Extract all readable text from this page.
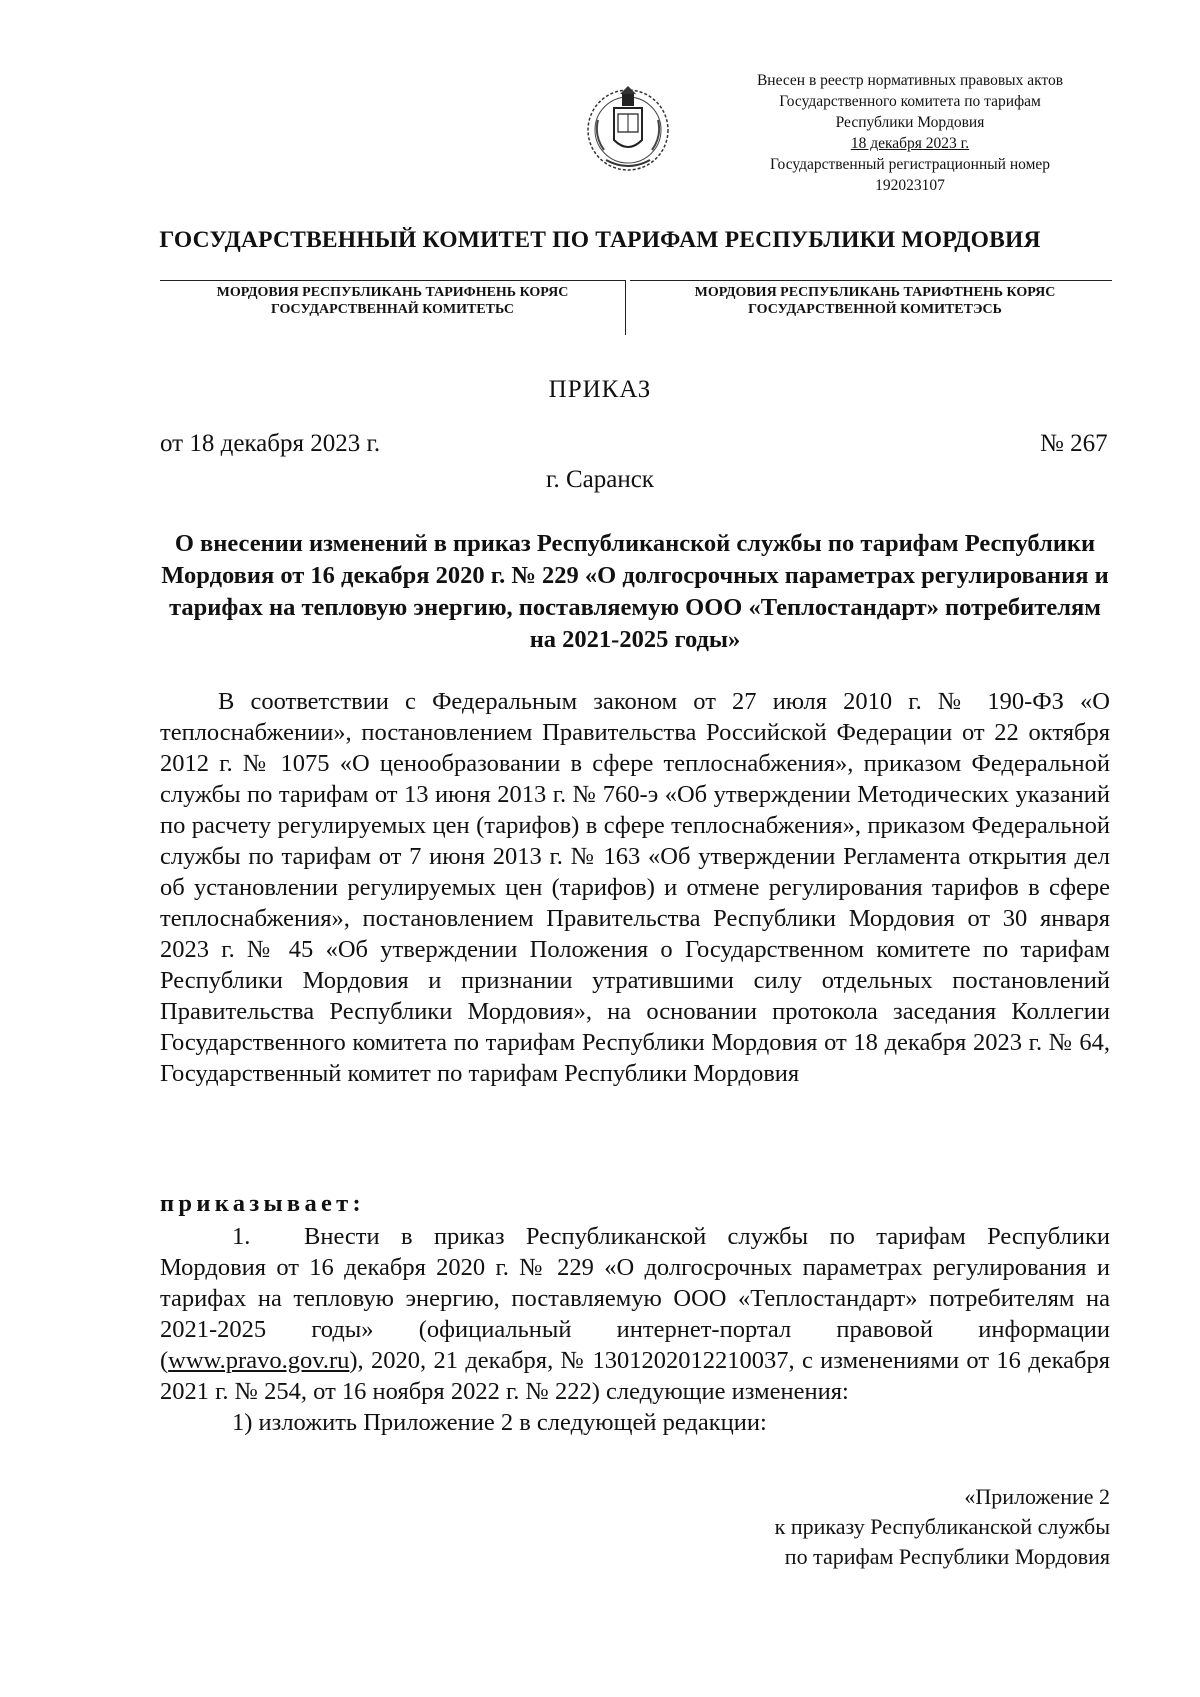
Внесен в реестр нормативных правовых актов
Государственного комитета по тарифам
Республики Мордовия
18 декабря 2023 г.
Государственный регистрационный номер
192023107
ГОСУДАРСТВЕННЫЙ КОМИТЕТ ПО ТАРИФАМ РЕСПУБЛИКИ МОРДОВИЯ
МОРДОВИЯ РЕСПУБЛИКАНЬ ТАРИФНЕНЬ КОРЯС
ГОСУДАРСТВЕННАЙ КОМИТЕТЬС
МОРДОВИЯ РЕСПУБЛИКАНЬ ТАРИФТНЕНЬ КОРЯС
ГОСУДАРСТВЕННОЙ КОМИТЕТЭСЬ
ПРИКАЗ
от 18 декабря 2023 г.	№ 267
г. Саранск
О внесении изменений в приказ Республиканской службы по тарифам Республики Мордовия от 16 декабря 2020 г. № 229 «О долгосрочных параметрах регулирования и тарифах на тепловую энергию, поставляемую ООО «Теплостандарт» потребителям на 2021-2025 годы»
В соответствии с Федеральным законом от 27 июля 2010 г. № 190-ФЗ «О теплоснабжении», постановлением Правительства Российской Федерации от 22 октября 2012 г. № 1075 «О ценообразовании в сфере теплоснабжения», приказом Федеральной службы по тарифам от 13 июня 2013 г. № 760-э «Об утверждении Методических указаний по расчету регулируемых цен (тарифов) в сфере теплоснабжения», приказом Федеральной службы по тарифам от 7 июня 2013 г. № 163 «Об утверждении Регламента открытия дел об установлении регулируемых цен (тарифов) и отмене регулирования тарифов в сфере теплоснабжения», постановлением Правительства Республики Мордовия от 30 января 2023 г. № 45 «Об утверждении Положения о Государственном комитете по тарифам Республики Мордовия и признании утратившими силу отдельных постановлений Правительства Республики Мордовия», на основании протокола заседания Коллегии Государственного комитета по тарифам Республики Мордовия от 18 декабря 2023 г. № 64, Государственный комитет по тарифам Республики Мордовия
приказывает:
1. Внести в приказ Республиканской службы по тарифам Республики Мордовия от 16 декабря 2020 г. № 229 «О долгосрочных параметрах регулирования и тарифах на тепловую энергию, поставляемую ООО «Теплостандарт» потребителям на 2021-2025 годы» (официальный интернет-портал правовой информации (www.pravo.gov.ru), 2020, 21 декабря, № 1301202012210037, с изменениями от 16 декабря 2021 г. № 254, от 16 ноября 2022 г. № 222) следующие изменения:
1) изложить Приложение 2 в следующей редакции:
«Приложение 2
к приказу Республиканской службы
по тарифам Республики Мордовия
